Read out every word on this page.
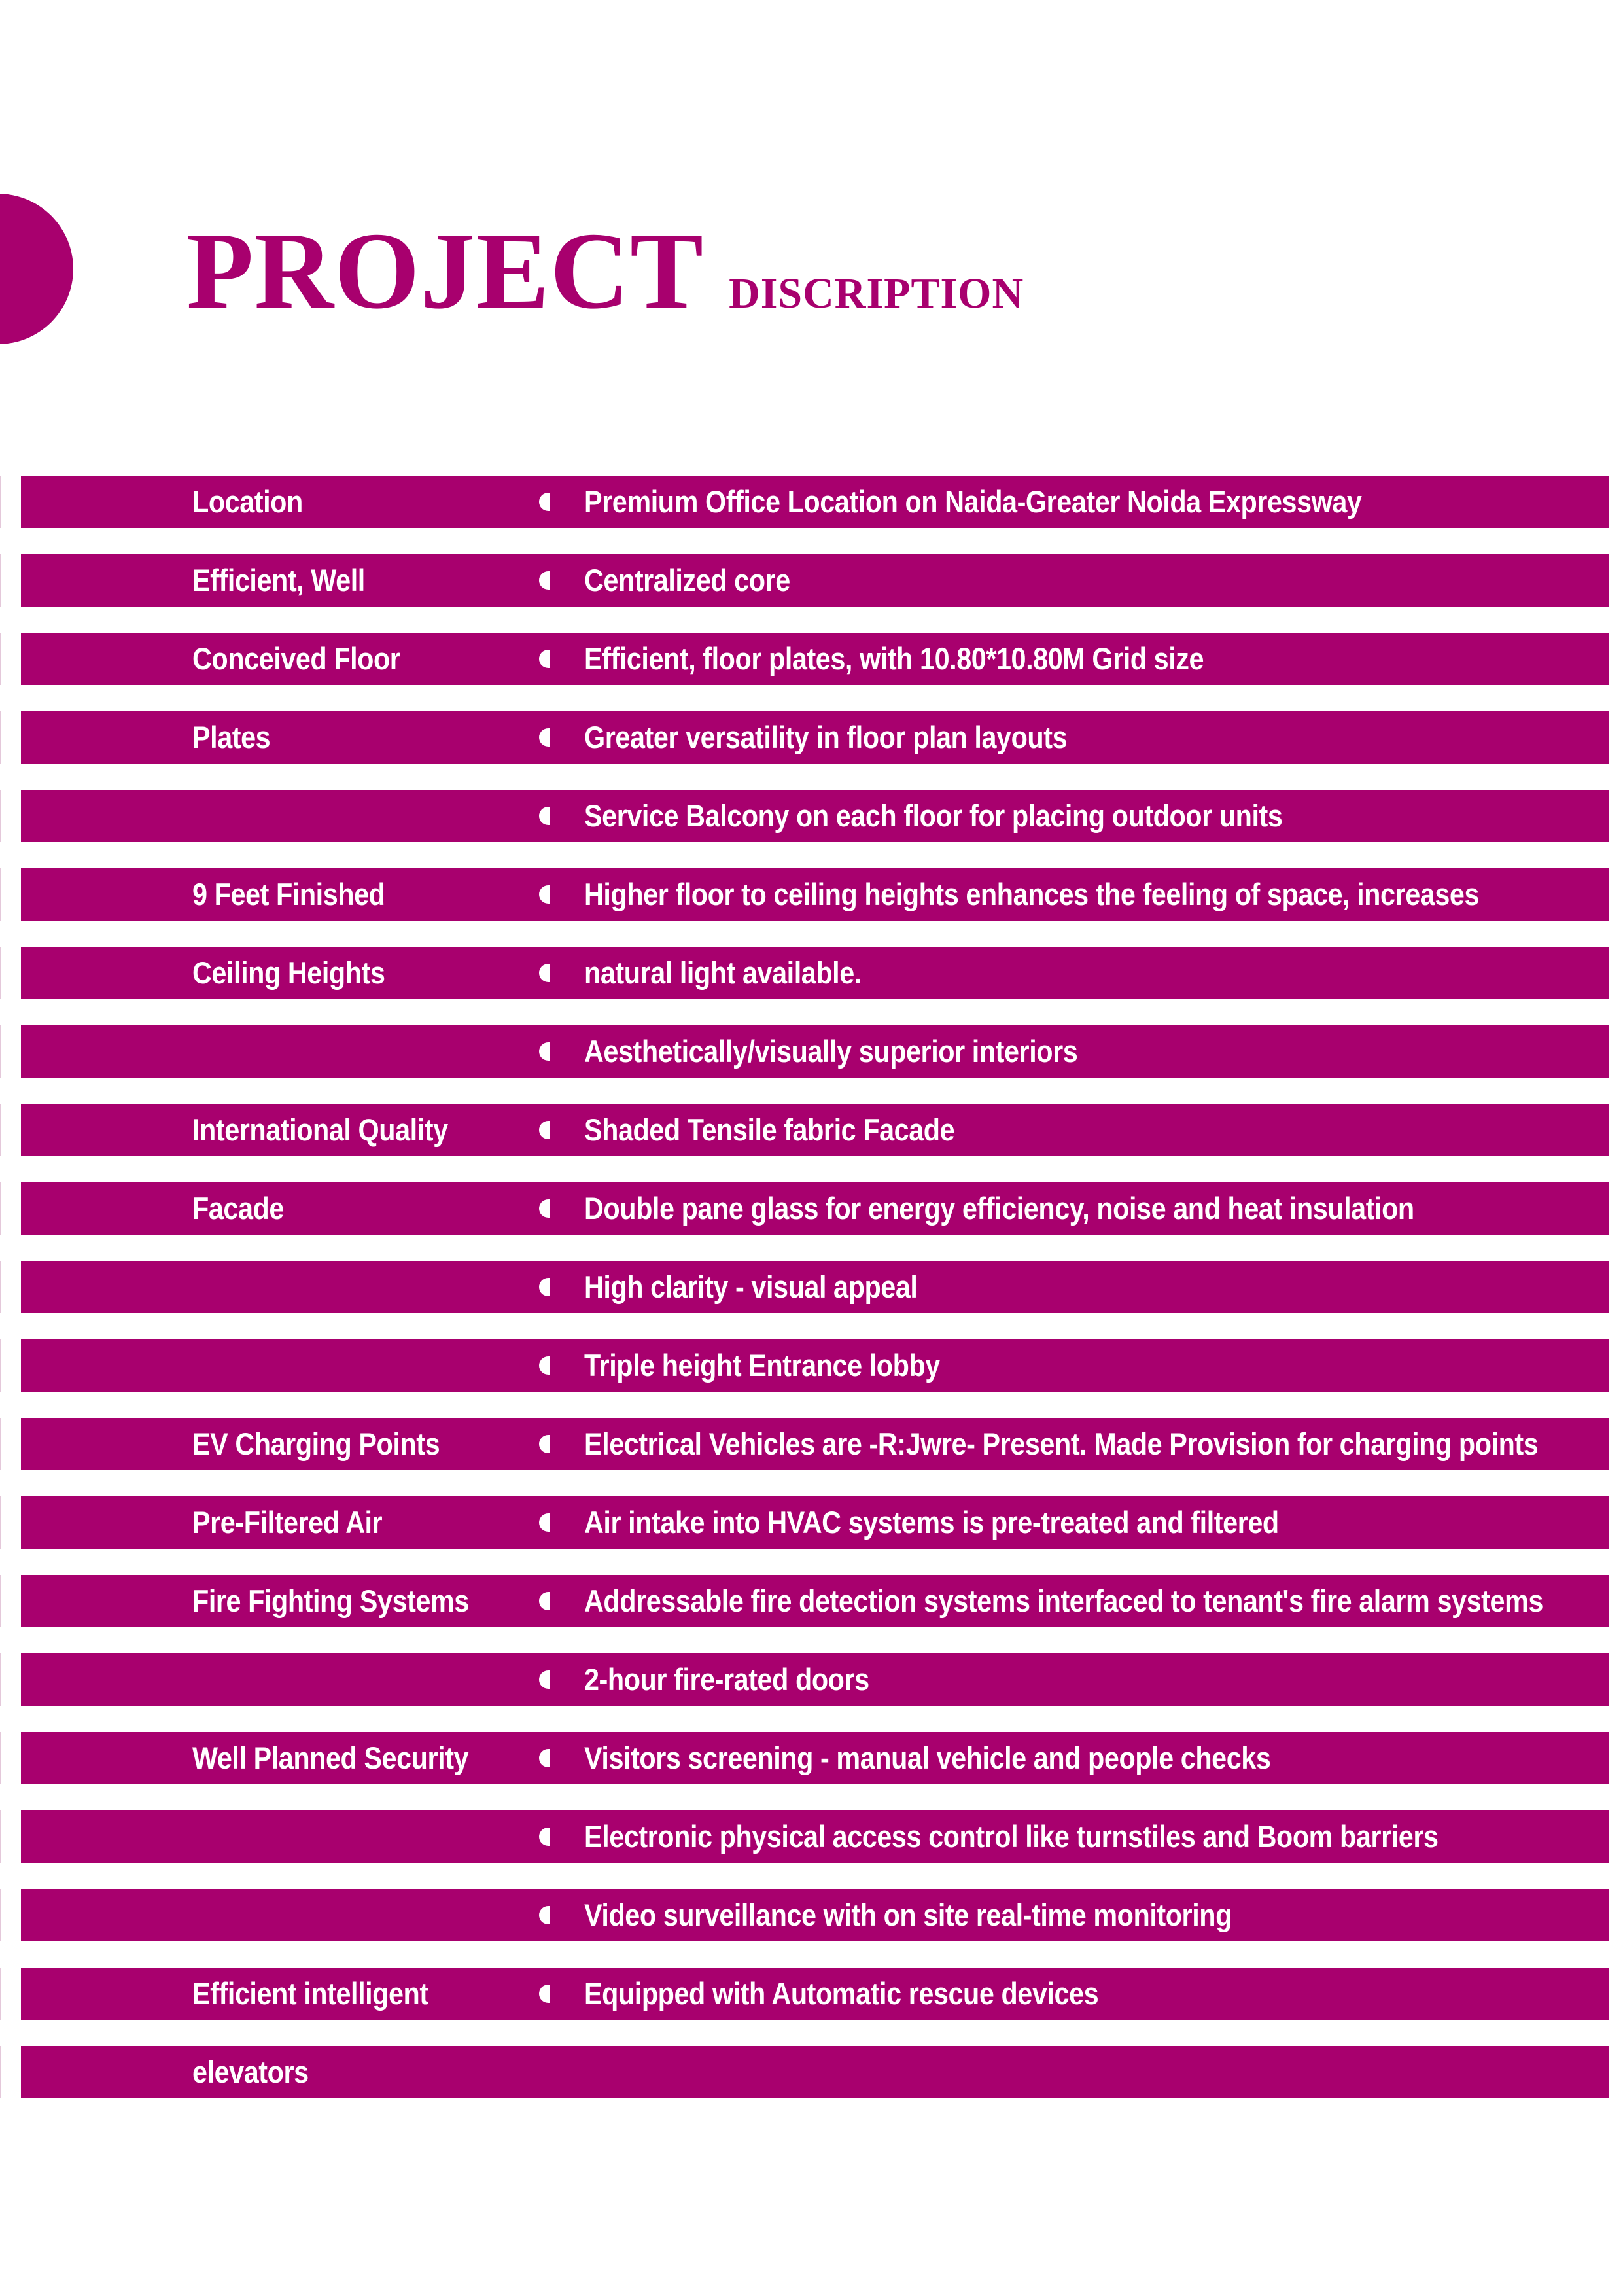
PROJECT DISCRIPTION
Location	Premium Office Location on Naida-Greater Noida Expressway
Efficient, Well	Centralized core
Conceived Floor	Efficient, floor plates, with 10.80*10.80M Grid size
Plates	Greater versatility in floor plan layouts
Service Balcony on each floor for placing outdoor units
9 Feet Finished	Higher floor to ceiling heights enhances the feeling of space, increases
Ceiling Heights	natural light available.
Aesthetically/visually superior interiors
International Quality	Shaded Tensile fabric Facade
Facade	Double pane glass for energy efficiency, noise and heat insulation
High clarity - visual appeal
Triple height Entrance lobby
EV Charging Points	Electrical Vehicles are -R:Jwre- Present. Made Provision for charging points
Pre-Filtered Air	Air intake into HVAC systems is pre-treated and filtered
Fire Fighting Systems	Addressable fire detection systems interfaced to tenant's fire alarm systems
2-hour fire-rated doors
Well Planned Security	Visitors screening - manual vehicle and people checks
Electronic physical access control like turnstiles and Boom barriers
Video surveillance with on site real-time monitoring
Efficient intelligent	Equipped with Automatic rescue devices
elevators
